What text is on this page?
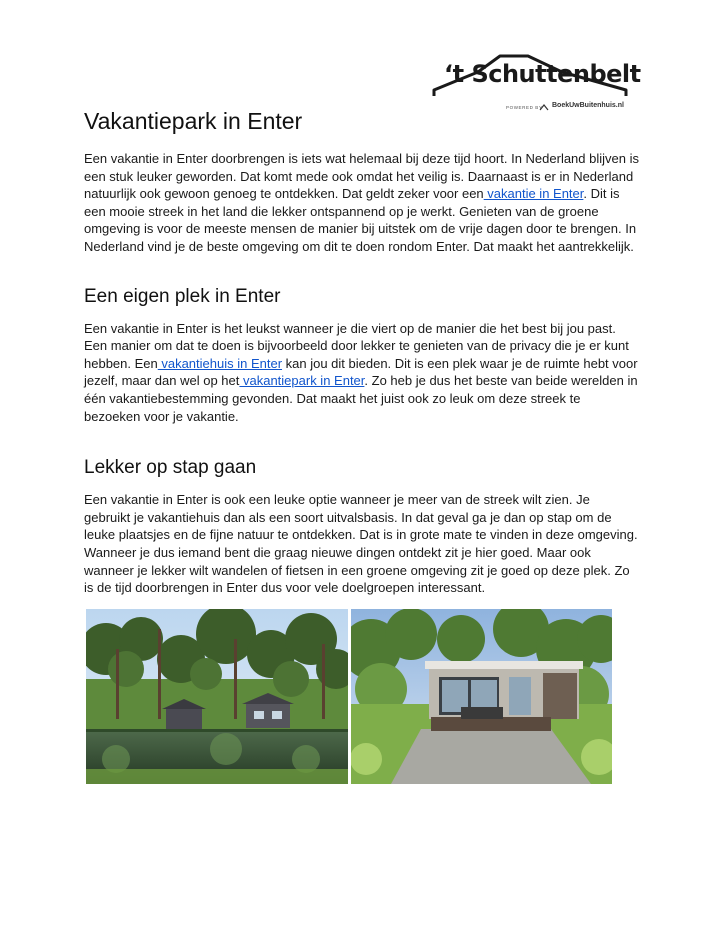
‘t Schuttenbelt
POWERED BY BoekUwBuitenhuis.nl
Vakantiepark in Enter

Een vakantie in Enter doorbrengen is iets wat helemaal bij deze tijd hoort. In Nederland blijven is een stuk leuker geworden. Dat komt mede ook omdat het veilig is. Daarnaast is er in Nederland natuurlijk ook gewoon genoeg te ontdekken. Dat geldt zeker voor een vakantie in Enter. Dit is een mooie streek in het land die lekker ontspannend op je werkt. Genieten van de groene omgeving is voor de meeste mensen de manier bij uitstek om de vrije dagen door te brengen. In Nederland vind je de beste omgeving om dit te doen rondom Enter. Dat maakt het aantrekkelijk.

Een eigen plek in Enter

Een vakantie in Enter is het leukst wanneer je die viert op de manier die het best bij jou past. Een manier om dat te doen is bijvoorbeeld door lekker te genieten van de privacy die je er kunt hebben. Een vakantiehuis in Enter kan jou dit bieden. Dit is een plek waar je de ruimte hebt voor jezelf, maar dan wel op het vakantiepark in Enter. Zo heb je dus het beste van beide werelden in één vakantiebestemming gevonden. Dat maakt het juist ook zo leuk om deze streek te bezoeken voor je vakantie.

Lekker op stap gaan

Een vakantie in Enter is ook een leuke optie wanneer je meer van de streek wilt zien. Je gebruikt je vakantiehuis dan als een soort uitvalsbasis. In dat geval ga je dan op stap om de leuke plaatsjes en de fijne natuur te ontdekken. Dat is in grote mate te vinden in deze omgeving. Wanneer je dus iemand bent die graag nieuwe dingen ontdekt zit je hier goed. Maar ook wanneer je lekker wilt wandelen of fietsen in een groene omgeving zit je goed op deze plek. Zo is de tijd doorbrengen in Enter dus voor vele doelgroepen interessant.
